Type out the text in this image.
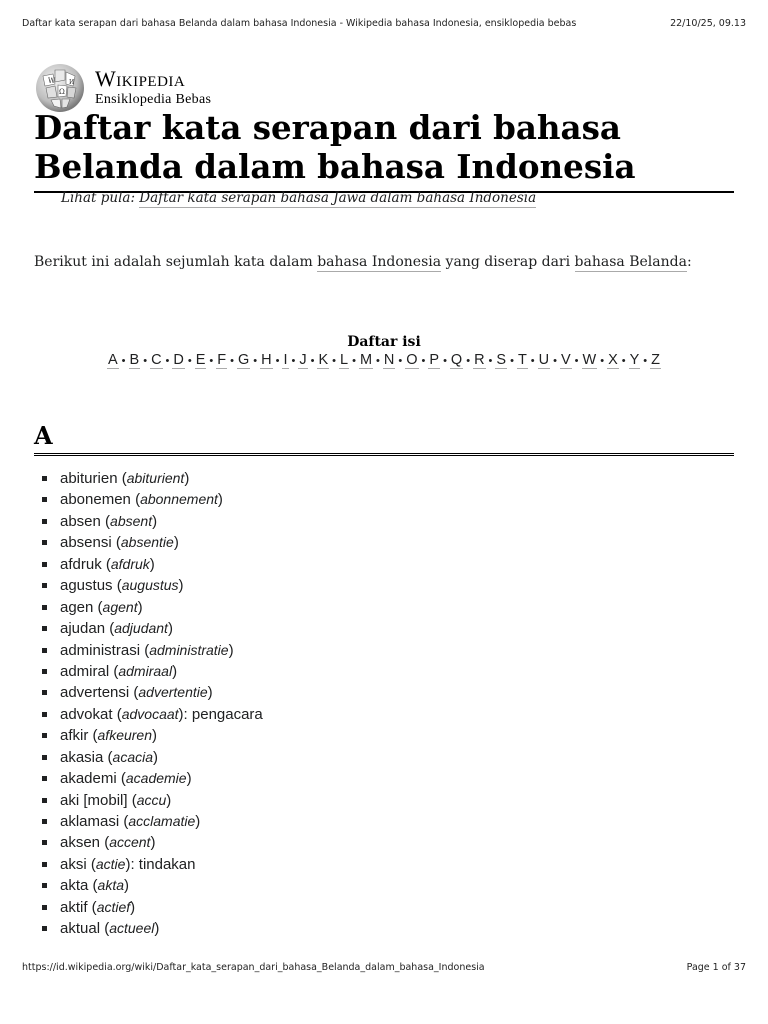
Daftar kata serapan dari bahasa Belanda dalam bahasa Indonesia - Wikipedia bahasa Indonesia, ensiklopedia bebas	22/10/25, 09.13
W
Ω
И Wikipedia
Ensiklopedia Bebas
Daftar kata serapan dari bahasa Belanda dalam bahasa Indonesia
Lihat pula: Daftar kata serapan bahasa Jawa dalam bahasa Indonesia
Berikut ini adalah sejumlah kata dalam bahasa Indonesia yang diserap dari bahasa Belanda:
Daftar isi
A • B • C • D • E • F • G • H • I • J • K • L • M • N • O • P • Q • R • S • T • U • V • W • X • Y • Z
A
abiturien (abiturient)
abonemen (abonnement)
absen (absent)
absensi (absentie)
afdruk (afdruk)
agustus (augustus)
agen (agent)
ajudan (adjudant)
administrasi (administratie)
admiral (admiraal)
advertensi (advertentie)
advokat (advocaat): pengacara
afkir (afkeuren)
akasia (acacia)
akademi (academie)
aki [mobil] (accu)
aklamasi (acclamatie)
aksen (accent)
aksi (actie): tindakan
akta (akta)
aktif (actief)
aktual (actueel)
https://id.wikipedia.org/wiki/Daftar_kata_serapan_dari_bahasa_Belanda_dalam_bahasa_Indonesia	Page 1 of 37
